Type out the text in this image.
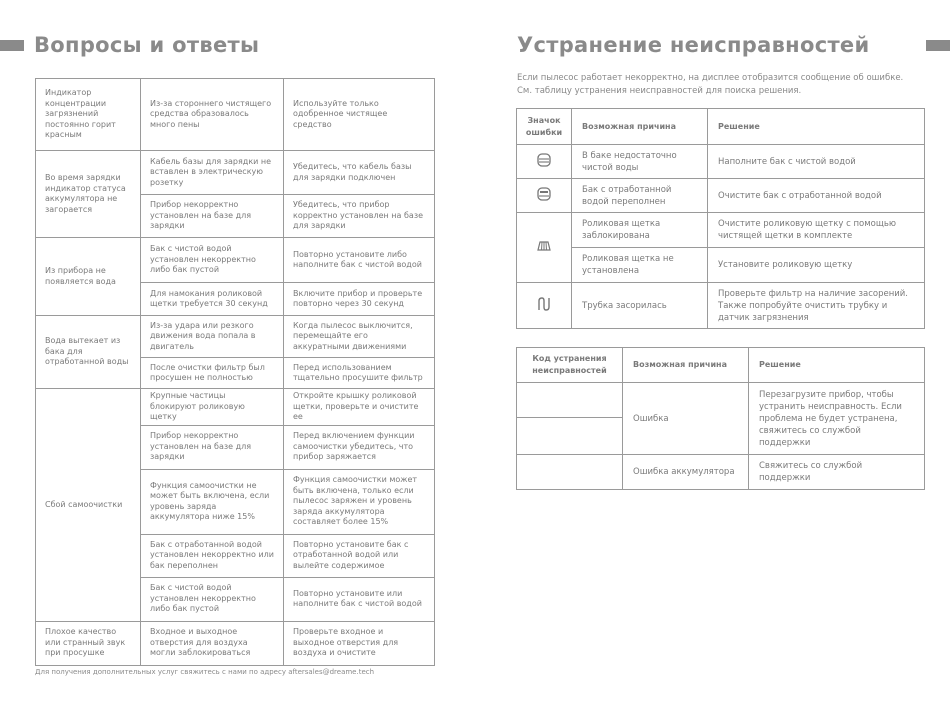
Вопросы и ответы	Устранение неисправностей
Индикатор концентрации загрязнений постоянно горит красным	Из-за стороннего чистящего средства образовалось много пены	Используйте только одобренное чистящее средство
Во время зарядки индикатор статуса аккумулятора не загорается	Кабель базы для зарядки не вставлен в электрическую розетку	Убедитесь, что кабель базы для зарядки подключен
	Прибор некорректно установлен на базе для зарядки	Убедитесь, что прибор корректно установлен на базе для зарядки
Из прибора не появляется вода	Бак с чистой водой установлен некорректно либо бак пустой	Повторно установите либо наполните бак с чистой водой
	Для намокания роликовой щетки требуется 30 секунд	Включите прибор и проверьте повторно через 30 секунд
Вода вытекает из бака для отработанной воды	Из-за удара или резкого движения вода попала в двигатель	Когда пылесос выключится, перемещайте его аккуратными движениями
	После очистки фильтр был просушен не полностью	Перед использованием тщательно просушите фильтр
Сбой самоочистки	Крупные частицы блокируют роликовую щетку	Откройте крышку роликовой щетки, проверьте и очистите ее
	Прибор некорректно установлен на базе для зарядки	Перед включением функции самоочистки убедитесь, что прибор заряжается
	Функция самоочистки не может быть включена, если уровень заряда аккумулятора ниже 15%	Функция самоочистки может быть включена, только если пылесос заряжен и уровень заряда аккумулятора составляет более 15%
	Бак с отработанной водой установлен некорректно или бак переполнен	Повторно установите бак с отработанной водой или вылейте содержимое
	Бак с чистой водой установлен некорректно либо бак пустой	Повторно установите или наполните бак с чистой водой
Плохое качество или странный звук при просушке	Входное и выходное отверстия для воздуха могли заблокироваться	Проверьте входное и выходное отверстия для воздуха и очистите
Для получения дополнительных услуг свяжитесь с нами по адресу aftersales@dreame.tech
Если пылесос работает некорректно, на дисплее отобразится сообщение об ошибке. См. таблицу устранения неисправностей для поиска решения.
Значок ошибки	Возможная причина	Решение

	В баке недостаточно чистой воды	Наполните бак с чистой водой

	Бак с отработанной водой переполнен	Очистите бак с отработанной водой

	Роликовая щетка заблокирована	Очистите роликовую щетку с помощью чистящей щетки в комплекте
	Роликовая щетка не установлена	Установите роликовую щетку

	Трубка засорилась	Проверьте фильтр на наличие засорений. Также попробуйте очистить трубку и датчик загрязнения
Код устранения неисправностей	Возможная причина	Решение
	Ошибка	Перезагрузите прибор, чтобы устранить неисправность. Если проблема не будет устранена, свяжитесь со службой поддержки

	Ошибка аккумулятора	Свяжитесь со службой поддержки
